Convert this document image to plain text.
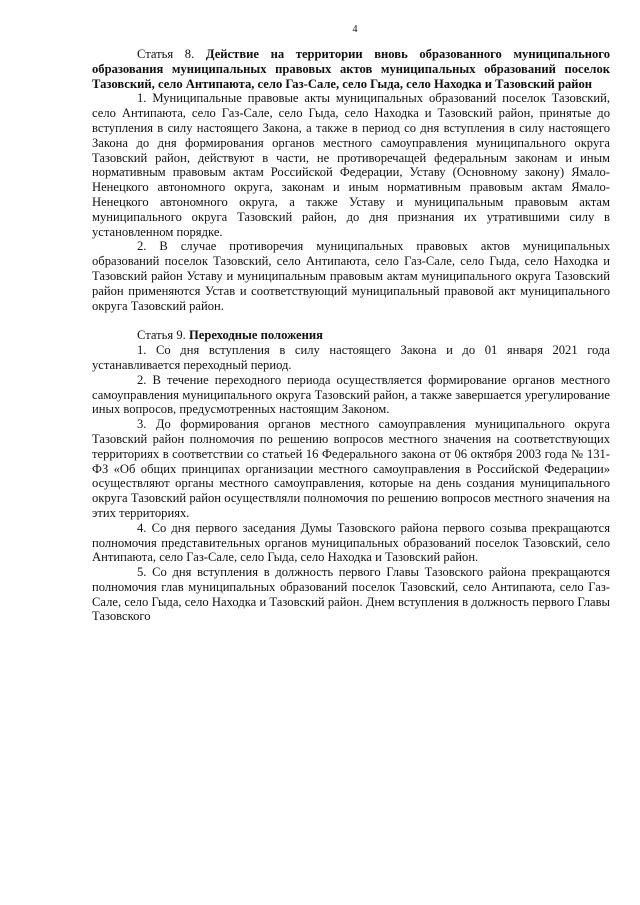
4
Статья 8. Действие на территории вновь образованного муниципального образования муниципальных правовых актов муниципальных образований поселок Тазовский, село Антипаюта, село Газ-Сале, село Гыда, село Находка и Тазовский район

1. Муниципальные правовые акты муниципальных образований поселок Тазовский, село Антипаюта, село Газ-Сале, село Гыда, село Находка и Тазовский район, принятые до вступления в силу настоящего Закона, а также в период со дня вступления в силу настоящего Закона до дня формирования органов местного самоуправления муниципального округа Тазовский район, действуют в части, не противоречащей федеральным законам и иным нормативным правовым актам Российской Федерации, Уставу (Основному закону) Ямало-Ненецкого автономного округа, законам и иным нормативным правовым актам Ямало-Ненецкого автономного округа, а также Уставу и муниципальным правовым актам муниципального округа Тазовский район, до дня признания их утратившими силу в установленном порядке.

2. В случае противоречия муниципальных правовых актов муниципальных образований поселок Тазовский, село Антипаюта, село Газ-Сале, село Гыда, село Находка и Тазовский район Уставу и муниципальным правовым актам муниципального округа Тазовский район применяются Устав и соответствующий муниципальный правовой акт муниципального округа Тазовский район.

Статья 9. Переходные положения

1. Со дня вступления в силу настоящего Закона и до 01 января 2021 года устанавливается переходный период.

2. В течение переходного периода осуществляется формирование органов местного самоуправления муниципального округа Тазовский район, а также завершается урегулирование иных вопросов, предусмотренных настоящим Законом.

3. До формирования органов местного самоуправления муниципального округа Тазовский район полномочия по решению вопросов местного значения на соответствующих территориях в соответствии со статьей 16 Федерального закона от 06 октября 2003 года № 131-ФЗ «Об общих принципах организации местного самоуправления в Российской Федерации» осуществляют органы местного самоуправления, которые на день создания муниципального округа Тазовский район осуществляли полномочия по решению вопросов местного значения на этих территориях.

4. Со дня первого заседания Думы Тазовского района первого созыва прекращаются полномочия представительных органов муниципальных образований поселок Тазовский, село Антипаюта, село Газ-Сале, село Гыда, село Находка и Тазовский район.

5. Со дня вступления в должность первого Главы Тазовского района прекращаются полномочия глав муниципальных образований поселок Тазовский, село Антипаюта, село Газ-Сале, село Гыда, село Находка и Тазовский район. Днем вступления в должность первого Главы Тазовского
